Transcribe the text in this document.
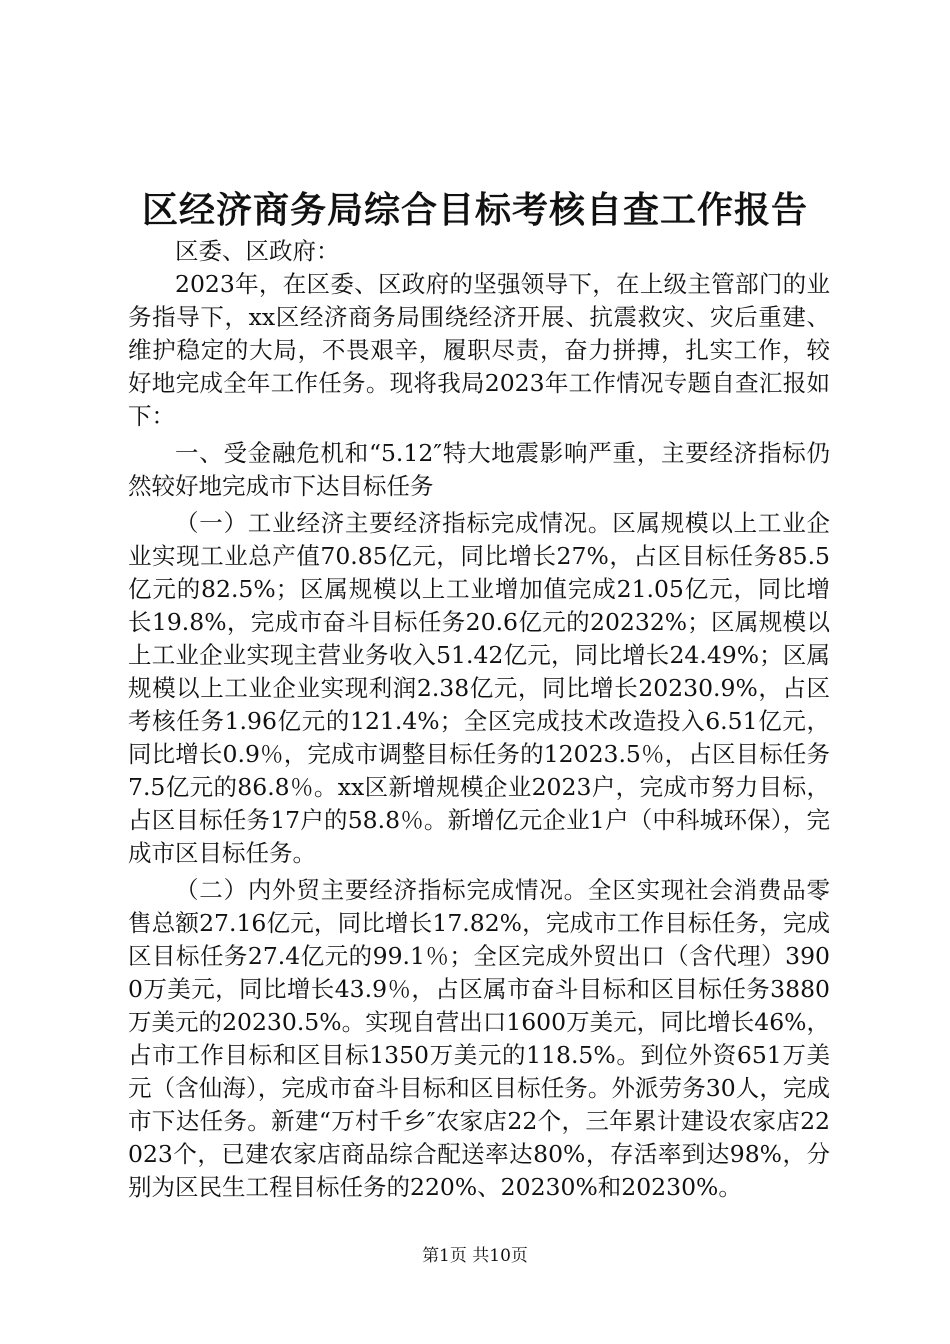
区经济商务局综合目标考核自查工作报告

区委、区政府：

2023年，在区委、区政府的坚强领导下，在上级主管部门的业务指导下，xx区经济商务局围绕经济开展、抗震救灾、灾后重建、维护稳定的大局，不畏艰辛，履职尽责，奋力拼搏，扎实工作，较好地完成全年工作任务。现将我局2023年工作情况专题自查汇报如下：

一、受金融危机和“5.12″特大地震影响严重，主要经济指标仍然较好地完成市下达目标任务

（一）工业经济主要经济指标完成情况。区属规模以上工业企业实现工业总产值70.85亿元，同比增长27%，占区目标任务85.5亿元的82.5%；区属规模以上工业增加值完成21.05亿元，同比增长19.8%，完成市奋斗目标任务20.6亿元的20232%；区属规模以上工业企业实现主营业务收入51.42亿元，同比增长24.49%；区属规模以上工业企业实现利润2.38亿元，同比增长20230.9%，占区考核任务1.96亿元的121.4%；全区完成技术改造投入6.51亿元，同比增长0.9％，完成市调整目标任务的12023.5％，占区目标任务7.5亿元的86.8％。xx区新增规模企业2023户，完成市努力目标，占区目标任务17户的58.8％。新增亿元企业1户（中科城环保），完成市区目标任务。

（二）内外贸主要经济指标完成情况。全区实现社会消费品零售总额27.16亿元，同比增长17.82%，完成市工作目标任务，完成区目标任务27.4亿元的99.1％；全区完成外贸出口（含代理）3900万美元，同比增长43.9％，占区属市奋斗目标和区目标任务3880万美元的20230.5%。实现自营出口1600万美元，同比增长46%，占市工作目标和区目标1350万美元的118.5%。到位外资651万美元（含仙海），完成市奋斗目标和区目标任务。外派劳务30人，完成市下达任务。新建“万村千乡″农家店22个，三年累计建设农家店22023个，已建农家店商品综合配送率达80%，存活率到达98%，分别为区民生工程目标任务的220%、20230%和20230%。

第1页 共10页
